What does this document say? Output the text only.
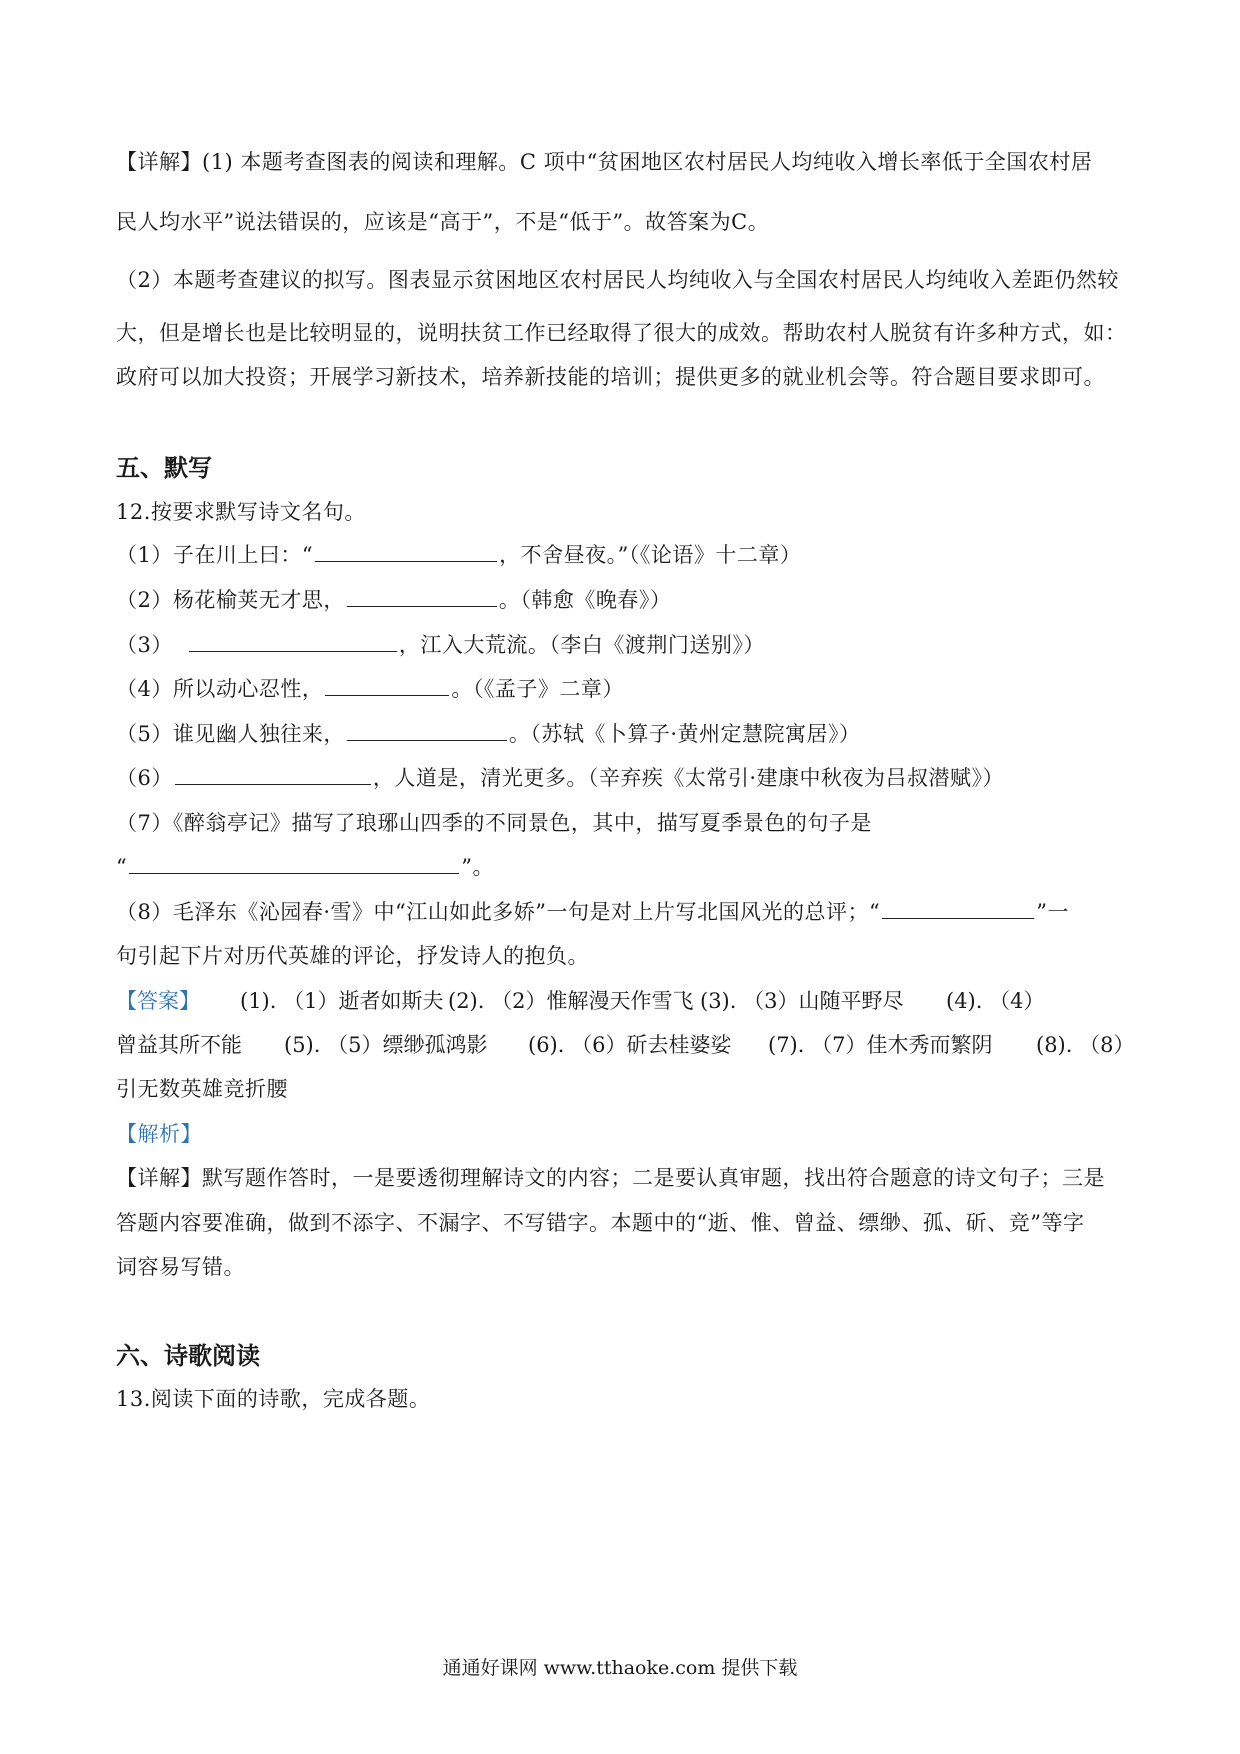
【详解】(1) 本题考查图表的阅读和理解。C 项中“贫困地区农村居民人均纯收入增长率低于全国农村居
民人均水平”说法错误的，应该是“高于”，不是“低于”。故答案为C。
（2）本题考查建议的拟写。图表显示贫困地区农村居民人均纯收入与全国农村居民人均纯收入差距仍然较
大，但是增长也是比较明显的，说明扶贫工作已经取得了很大的成效。帮助农村人脱贫有许多种方式，如：
政府可以加大投资；开展学习新技术，培养新技能的培训；提供更多的就业机会等。符合题目要求即可。
五、默写
12.按要求默写诗文名句。
（1）子在川上曰：“	，不舍昼夜。”（《论语》十二章）
（2）杨花榆荚无才思，	。（韩愈《晚春》）
（3）	，江入大荒流。（李白《渡荆门送别》）
（4）所以动心忍性，	。（《孟子》二章）
（5）谁见幽人独往来，	。（苏轼《卜算子·黄州定慧院寓居》）
（6）	，人道是，清光更多。（辛弃疾《太常引·建康中秋夜为吕叔潜赋》）
（7）《醉翁亭记》描写了琅琊山四季的不同景色，其中，描写夏季景色的句子是
“	”。
（8）毛泽东《沁园春·雪》中“江山如此多娇”一句是对上片写北国风光的总评；“	”一
句引起下片对历代英雄的评论，抒发诗人的抱负。
【答案】 (1). （1）逝者如斯夫 (2). （2）惟解漫天作雪飞 (3). （3）山随平野尽 (4). （4）
曾益其所不能 (5). （5）缥缈孤鸿影 (6). （6）斫去桂婆娑 (7). （7）佳木秀而繁阴 (8). （8）
引无数英雄竞折腰
【解析】
【详解】默写题作答时，一是要透彻理解诗文的内容；二是要认真审题，找出符合题意的诗文句子；三是
答题内容要准确，做到不添字、不漏字、不写错字。本题中的“逝、惟、曾益、缥缈、孤、斫、竞”等字
词容易写错。
六、诗歌阅读
13.阅读下面的诗歌，完成各题。
通通好课网 www.tthaoke.com 提供下载
